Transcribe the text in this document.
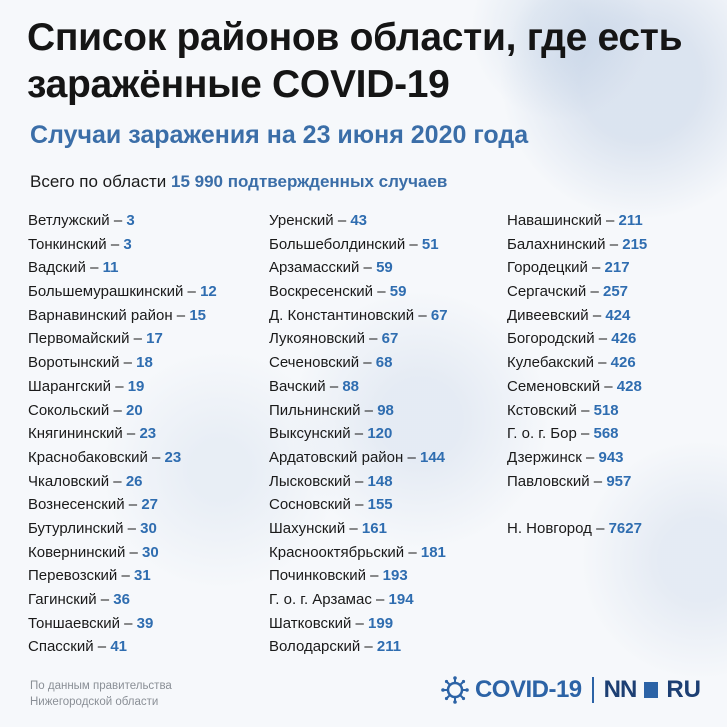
Список районов области, где есть
заражённые COVID-19
Случаи заражения на 23 июня 2020 года
Всего по области 15 990 подтвержденных случаев
Ветлужский – 3
Тонкинский – 3
Вадский – 11
Большемурашкинский – 12
Варнавинский район – 15
Первомайский – 17
Воротынский – 18
Шарангский – 19
Сокольский – 20
Княгининский – 23
Краснобаковский – 23
Чкаловский – 26
Вознесенский – 27
Бутурлинский – 30
Ковернинский – 30
Перевозский – 31
Гагинский – 36
Тоншаевский – 39
Спасский – 41
Уренский – 43
Большеболдинский – 51
Арзамасский – 59
Воскресенский – 59
Д. Константиновский – 67
Лукояновский – 67
Сеченовский – 68
Вачский – 88
Пильнинский – 98
Выксунский – 120
Ардатовский район – 144
Лысковский – 148
Сосновский – 155
Шахунский – 161
Краснооктябрьский – 181
Починковский – 193
Г. о. г. Арзамас – 194
Шатковский – 199
Володарский – 211
Навашинский – 211
Балахнинский – 215
Городецкий – 217
Сергачский – 257
Дивеевский – 424
Богородский – 426
Кулебакский – 426
Семеновский – 428
Кстовский – 518
Г. о. г. Бор – 568
Дзержинск – 943
Павловский – 957
Н. Новгород – 7627
По данным правительства
Нижегородской области	COVID-19 NN RU
